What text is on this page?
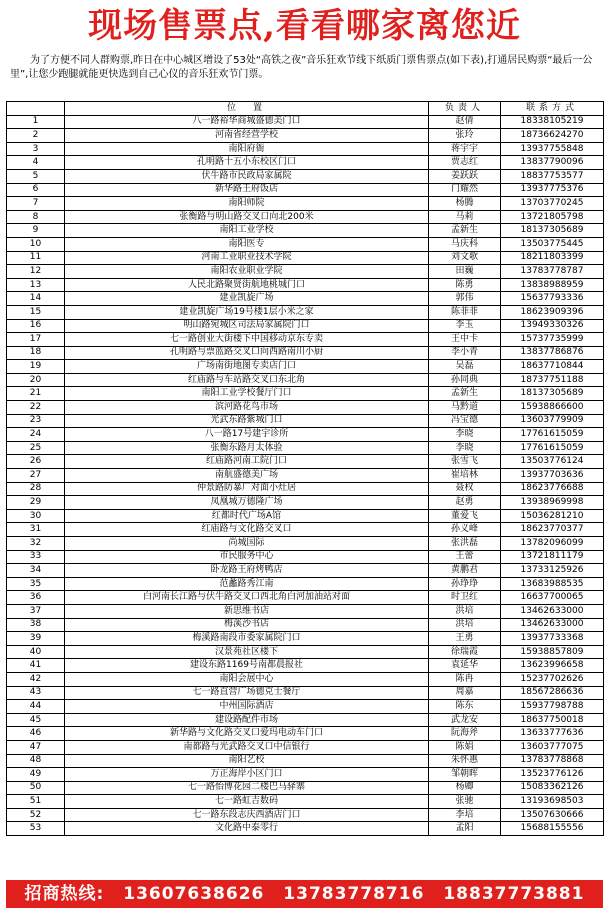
现场售票点,看看哪家离您近
为了方便不同人群购票,昨日在中心城区增设了53处“高铁之夜”音乐狂欢节线下纸质门票售票点(如下表),打通居民购票“最后一公里”,让您少跑腿就能更快选到自己心仪的音乐狂欢节门票。
	位　置	负责人	联系方式
1	八一路裕华商城盛德美门口	赵倩	18338105219
2	河南省经营学校	张玲	18736624270
3	南阳府衙	蒋宇宇	13937755848
4	孔明路十五小东校区门口	贾志红	13837790096
5	伏牛路市民政局家属院	姜跃跃	18837753577
6	新华路王府饭店	门耀然	13937775376
7	南阳师院	杨腾	13703770245
8	张衡路与明山路交叉口向北200米	马莉	13721805798
9	南阳工业学校	孟新生	18137305689
10	南阳医专	马庆科	13503775445
11	河南工业职业技术学院	刘文歌	18211803399
12	南阳农业职业学院	田巍	13783778787
13	人民北路聚贤街航地桃城门口	陈勇	13838988959
14	建业凯旋广场	郭伟	15637793336
15	建业凯旋广场19号楼1层小米之家	陈菲菲	18623909396
16	明山路宛城区司法局家属院门口	李玉	13949330326
17	七一路创业大街楼下中国移动京东专卖	王中卡	15737735999
18	孔明路与票蓝路交叉口向西路南川小厨	李小青	13837786876
19	广场南街地图专卖店门口	吴磊	18637710844
20	红庙路与车站路交叉口东北角	孙同典	18737751188
21	南阳工业学校餐厅门口	孟新生	18137305689
22	滨河路花鸟市场	马黔道	15938866600
23	光武东路紫城门口	冯宝德	13603779909
24	八一路17号建宇诊所	李晓	17761615059
25	张衡东路月太体验	李晓	17761615059
26	红庙路河南工院门口	张雪飞	13503776124
27	南航盛德美广场	崔培林	13937703636
28	仲景路防暴厂对面小灶居	聂权	18623776688
29	凤凰城万德隆广场	赵勇	13938969998
30	红都时代广场A馆	董爱飞	15036281210
31	红庙路与文化路交叉口	孙义峰	18623770377
32	尚城国际	张洪磊	13782096099
33	市民服务中心	王蕾	13721811179
34	卧龙路王府烤鸭店	黄鹏君	13733125926
35	范蠡路秀江南	孙琤琤	13683988535
36	白河南长江路与伏牛路交叉口西北角白河加油站对面	时卫红	16637700065
37	新思维书店	洪培	13462633000
38	梅溪沙书店	洪培	13462633000
39	梅溪路南段市委家属院门口	王勇	13937733368
40	汉景苑社区楼下	徐瑞霞	15938857809
41	建设东路1169号南都晨报社	袁延华	13623996658
42	南阳会展中心	陈冉	15237702626
43	七一路直营广场德克士餐厅	周嘉	18567286636
44	中州国际酒店	陈东	15937798788
45	建设路配件市场	武龙安	18637750018
46	新华路与文化路交叉口爱玛电动车门口	阮海斧	13633777636
47	南都路与光武路交叉口中信银行	陈娟	13603777075
48	南阳艺校	朱怀惠	13783778868
49	万正海岸小区门口	邹朝晖	13523776126
50	七一路怡博花园二楼巴马驿寨	杨卿	15083362126
51	七一路虹吉数码	张驰	13193698503
52	七一路东段志庆西酒店门口	李培	13507630666
53	文化路中泰零行	孟阳	15688155556
招商热线: 13607638626 13783778716 18837773881
